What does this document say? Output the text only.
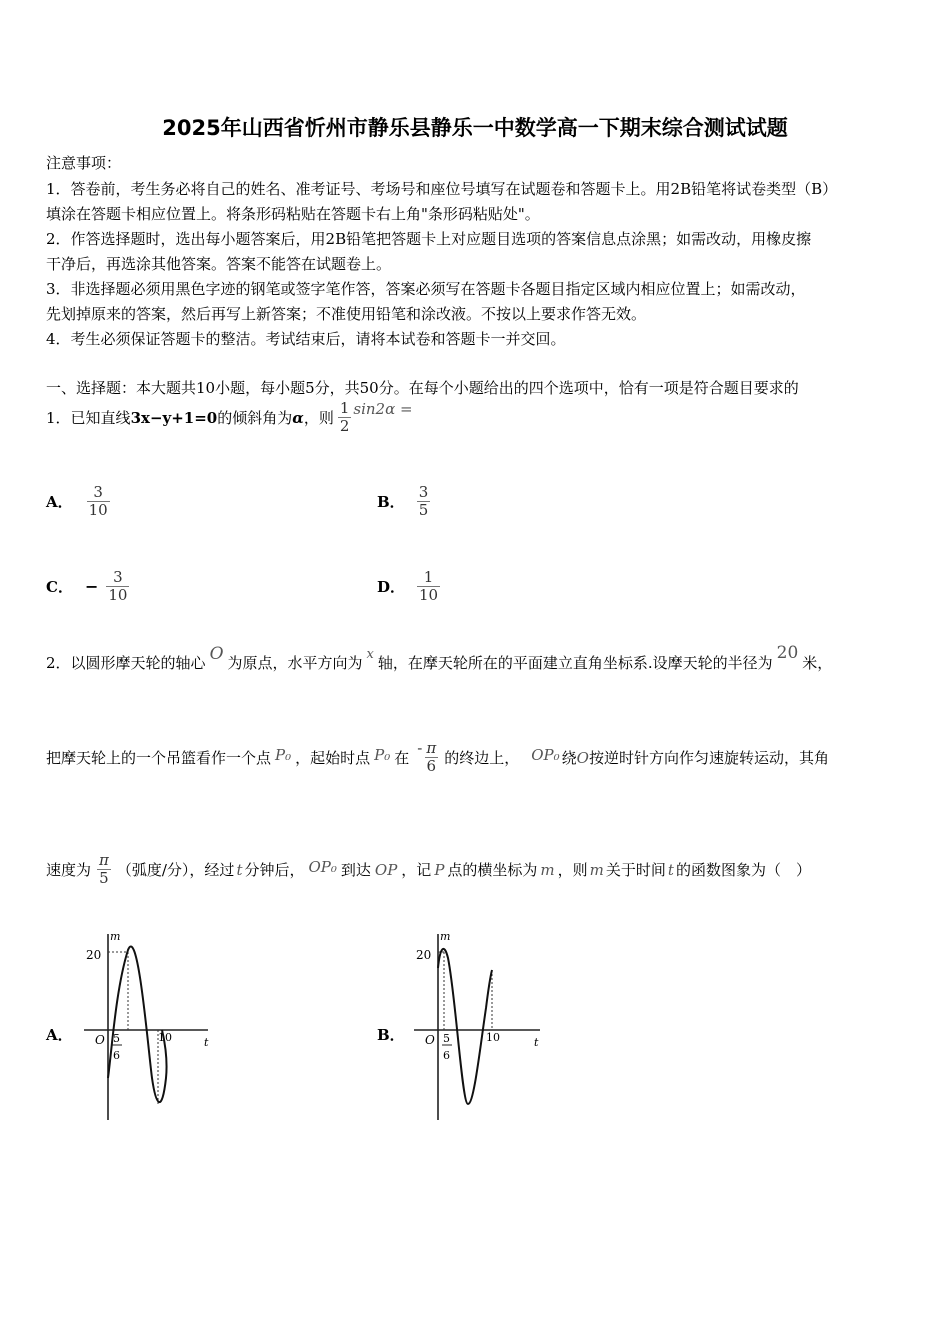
2025年山西省忻州市静乐县静乐一中数学高一下期末综合测试试题
注意事项：
1．答卷前，考生务必将自己的姓名、准考证号、考场号和座位号填写在试题卷和答题卡上。用2B铅笔将试卷类型（B）
填涂在答题卡相应位置上。将条形码粘贴在答题卡右上角"条形码粘贴处"。
2．作答选择题时，选出每小题答案后，用2B铅笔把答题卡上对应题目选项的答案信息点涂黑；如需改动，用橡皮擦
干净后，再选涂其他答案。答案不能答在试题卷上。
3．非选择题必须用黑色字迹的钢笔或签字笔作答，答案必须写在答题卡各题目指定区域内相应位置上；如需改动，
先划掉原来的答案，然后再写上新答案；不准使用铅笔和涂改液。不按以上要求作答无效。
4．考生必须保证答题卡的整洁。考试结束后，请将本试卷和答题卡一并交回。
一、选择题：本大题共10小题，每小题5分，共50分。在每个小题给出的四个选项中，恰有一项是符合题目要求的
1． 已知直线 3x−y+1=0 的倾斜角为 α ，则 $\frac{1}{2} \sin 2\alpha$ =
A． $\frac{3}{10}$	B． $\frac{3}{5}$
C． − $\frac{3}{10}$	D． $\frac{1}{10}$
2． 以圆形摩天轮的轴心 O 为原点，水平方向为 x 轴，在摩天轮所在的平面建立直角坐标系.设摩天轮的半径为
20
米，
把摩天轮上的一个吊篮看作一个点 P₀ ，起始时点 P₀ 在
- $\frac{\pi}{6}$ 的终边上， OP₀ 绕 O 按逆时针方向作匀速旋转运动，其角
速度为 $\frac{\pi}{5}$ （弧度/分），经过 t 分钟后， OP₀ 到达 OP ，记 P 点的横坐标为 m ，则 m 关于时间 t 的函数图象为（　）
A．
m
t
20
O 5
6
10	B．
m
t
20
O 5
6
10
